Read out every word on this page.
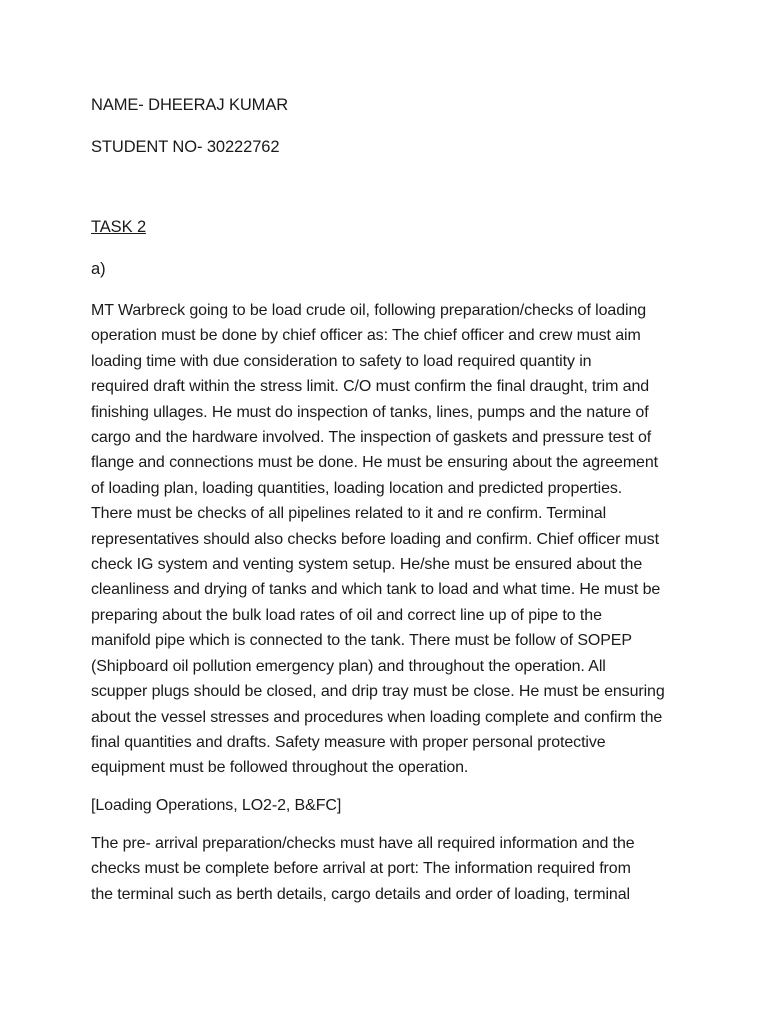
NAME- DHEERAJ KUMAR
STUDENT NO- 30222762
TASK 2
a)

MT Warbreck going to be load crude oil, following preparation/checks of loading
operation must be done by chief officer as: The chief officer and crew must aim
loading time with due consideration to safety to load required quantity in
required draft within the stress limit. C/O must confirm the final draught, trim and
finishing ullages. He must do inspection of tanks, lines, pumps and the nature of
cargo and the hardware involved. The inspection of gaskets and pressure test of
flange and connections must be done. He must be ensuring about the agreement
of loading plan, loading quantities, loading location and predicted properties.
There must be checks of all pipelines related to it and re confirm. Terminal
representatives should also checks before loading and confirm. Chief officer must
check IG system and venting system setup. He/she must be ensured about the
cleanliness and drying of tanks and which tank to load and what time. He must be
preparing about the bulk load rates of oil and correct line up of pipe to the
manifold pipe which is connected to the tank. There must be follow of SOPEP
(Shipboard oil pollution emergency plan) and throughout the operation. All
scupper plugs should be closed, and drip tray must be close. He must be ensuring
about the vessel stresses and procedures when loading complete and confirm the
final quantities and drafts. Safety measure with proper personal protective
equipment must be followed throughout the operation.

[Loading Operations, LO2-2, B&FC]

The pre- arrival preparation/checks must have all required information and the
checks must be complete before arrival at port: The information required from
the terminal such as berth details, cargo details and order of loading, terminal
